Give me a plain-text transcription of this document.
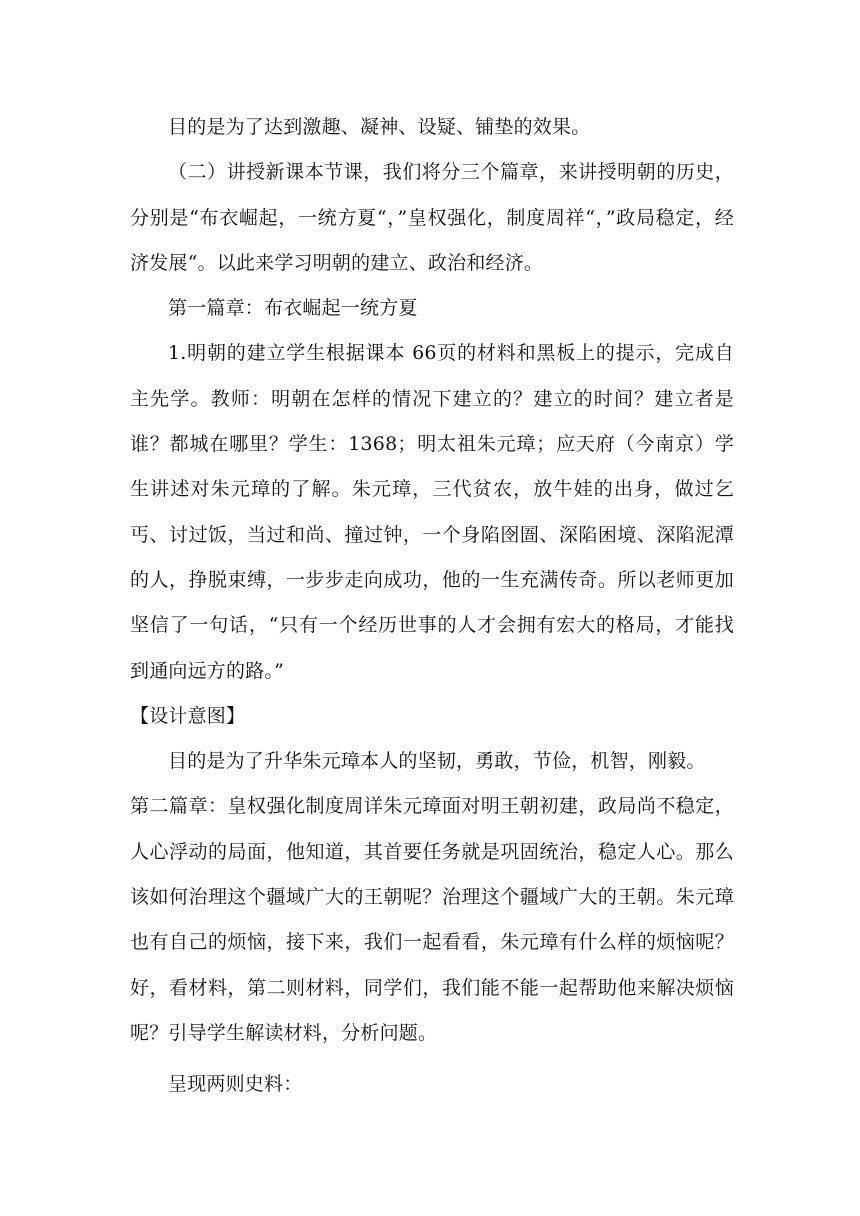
目的是为了达到激趣、凝神、设疑、铺垫的效果。

（二）讲授新课本节课，我们将分三个篇章，来讲授明朝的历史，分别是“布衣崛起，一统方夏“，”皇权强化，制度周祥“，”政局稳定，经济发展“。以此来学习明朝的建立、政治和经济。

第一篇章：布衣崛起一统方夏

1.明朝的建立学生根据课本 66页的材料和黑板上的提示，完成自主先学。教师：明朝在怎样的情况下建立的？建立的时间？建立者是谁？都城在哪里？学生：1368；明太祖朱元璋；应天府（今南京）学生讲述对朱元璋的了解。朱元璋，三代贫农，放牛娃的出身，做过乞丐、讨过饭，当过和尚、撞过钟，一个身陷囹圄、深陷困境、深陷泥潭的人，挣脱束缚，一步步走向成功，他的一生充满传奇。所以老师更加坚信了一句话，“只有一个经历世事的人才会拥有宏大的格局，才能找到通向远方的路。”

【设计意图】

目的是为了升华朱元璋本人的坚韧，勇敢，节俭，机智，刚毅。

第二篇章：皇权强化制度周详朱元璋面对明王朝初建，政局尚不稳定，人心浮动的局面，他知道，其首要任务就是巩固统治，稳定人心。那么该如何治理这个疆域广大的王朝呢？治理这个疆域广大的王朝。朱元璋也有自己的烦恼，接下来，我们一起看看，朱元璋有什么样的烦恼呢？好，看材料，第二则材料，同学们，我们能不能一起帮助他来解决烦恼呢？引导学生解读材料，分析问题。

呈现两则史料：
